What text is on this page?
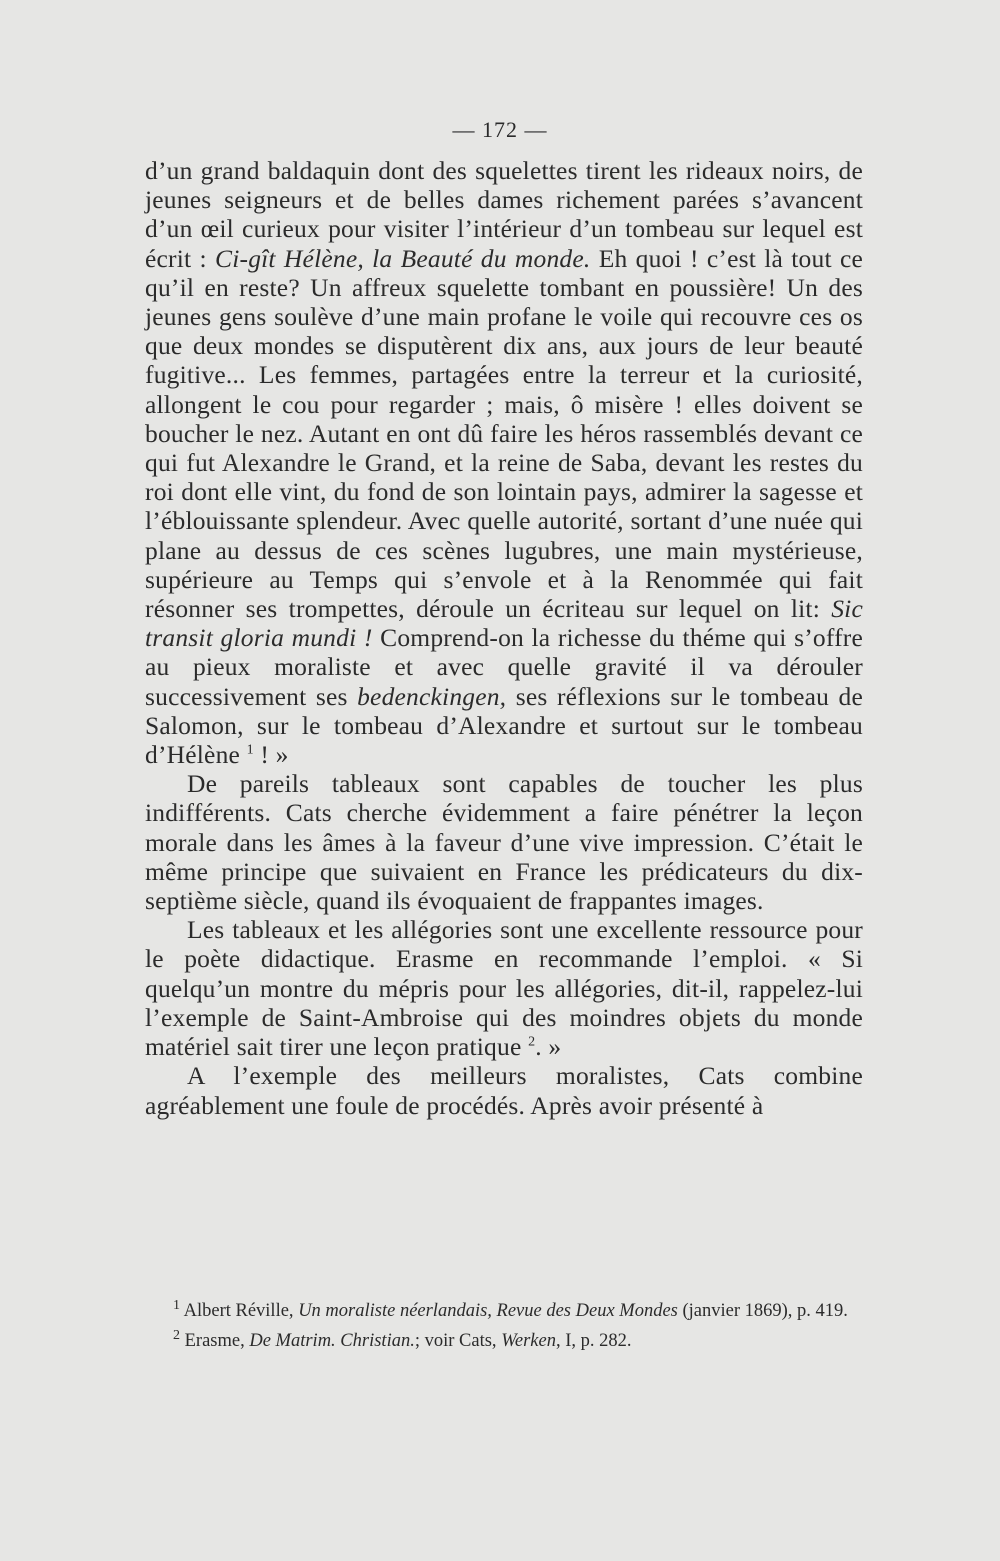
— 172 —

d’un grand baldaquin dont des squelettes tirent les rideaux noirs, de jeunes seigneurs et de belles dames richement parées s’avancent d’un œil curieux pour visiter l’intérieur d’un tombeau sur lequel est écrit : Ci-gît Hélène, la Beauté du monde. Eh quoi ! c’est là tout ce qu’il en reste? Un affreux squelette tombant en poussière! Un des jeunes gens soulève d’une main profane le voile qui recouvre ces os que deux mondes se disputèrent dix ans, aux jours de leur beauté fugitive... Les femmes, partagées entre la terreur et la curiosité, allongent le cou pour regarder ; mais, ô misère ! elles doivent se boucher le nez. Autant en ont dû faire les héros rassemblés devant ce qui fut Alexandre le Grand, et la reine de Saba, devant les restes du roi dont elle vint, du fond de son lointain pays, admirer la sagesse et l’éblouissante splendeur. Avec quelle autorité, sortant d’une nuée qui plane au dessus de ces scènes lugubres, une main mystérieuse, supérieure au Temps qui s’envole et à la Renommée qui fait résonner ses trompettes, déroule un écriteau sur lequel on lit: Sic transit gloria mundi ! Comprend-on la richesse du théme qui s’offre au pieux moraliste et avec quelle gravité il va dérouler successivement ses bedenckingen, ses réflexions sur le tombeau de Salomon, sur le tombeau d’Alexandre et surtout sur le tombeau d’Hélène $^1$ ! »

De pareils tableaux sont capables de toucher les plus indifférents. Cats cherche évidemment a faire pénétrer la leçon morale dans les âmes à la faveur d’une vive impression. C’était le même principe que suivaient en France les prédicateurs du dix-septième siècle, quand ils évoquaient de frappantes images.

Les tableaux et les allégories sont une excellente ressource pour le poète didactique. Erasme en recommande l’emploi. « Si quelqu’un montre du mépris pour les allégories, dit-il, rappelez-lui l’exemple de Saint-Ambroise qui des moindres objets du monde matériel sait tirer une leçon pratique $^2$. »

A l’exemple des meilleurs moralistes, Cats combine agréablement une foule de procédés. Après avoir présenté à

$^1$ Albert Réville, Un moraliste néerlandais, Revue des Deux Mondes (janvier 1869), p. 419.

$^2$ Erasme, De Matrim. Christian.; voir Cats, Werken, I, p. 282.
